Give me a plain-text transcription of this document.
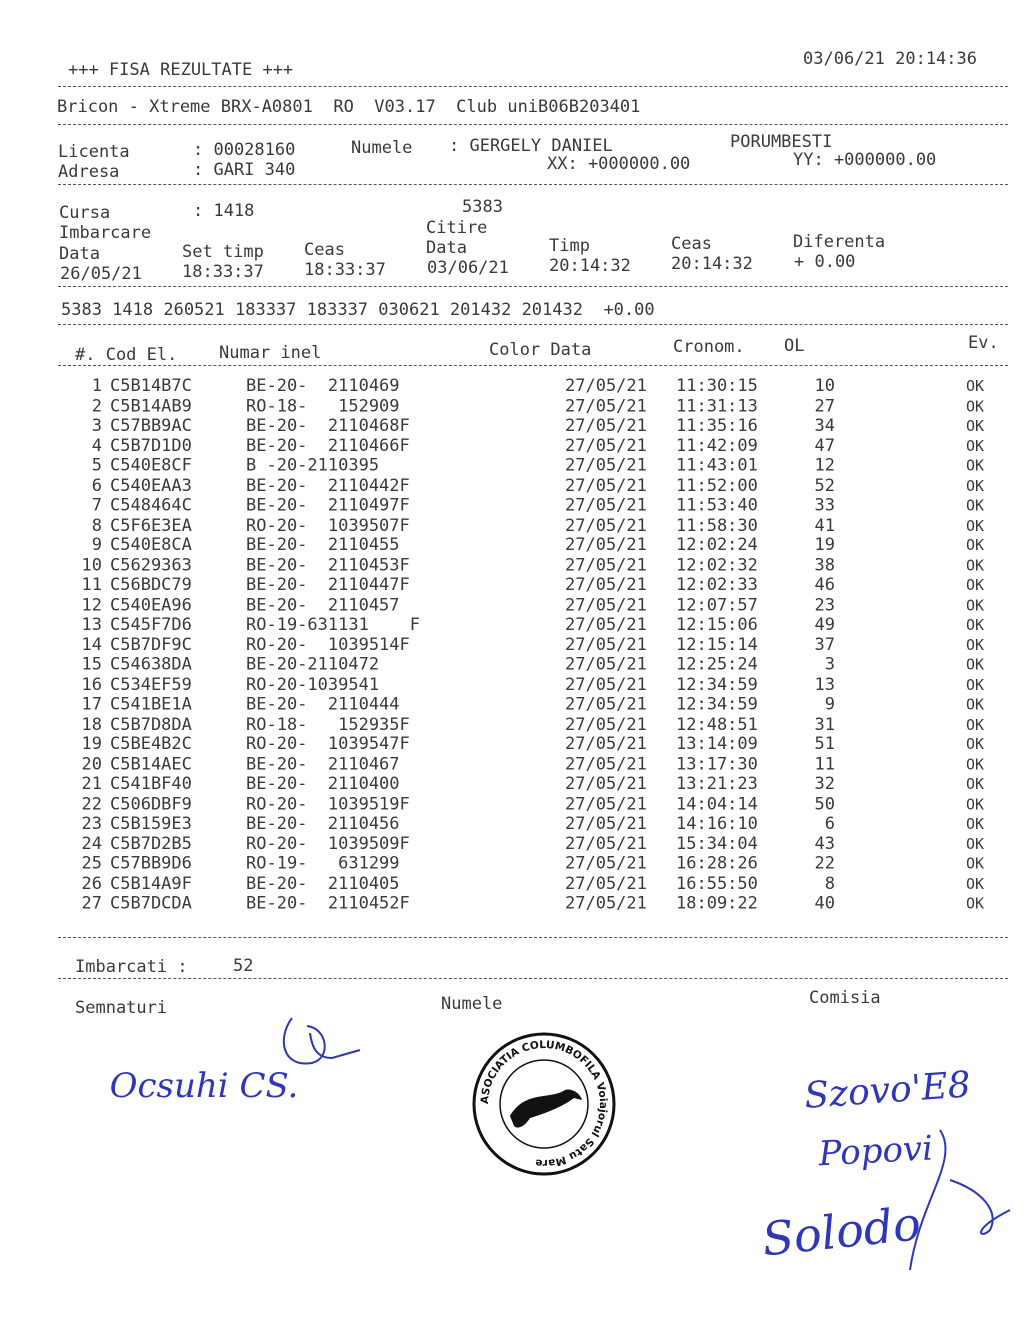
+++ FISA REZULTATE +++
03/06/21 20:14:36
Bricon - Xtreme BRX-A0801  RO  V03.17  Club uniB06B203401
Licenta	: 00028160	Numele : GERGELY DANIEL	PORUMBESTI
Adresa	: GARI 340	XX: +000000.00	YY: +000000.00
Cursa	: 1418	5383
Imbarcare	Citire
Data	Set timp Ceas	Data	Timp	Ceas	Diferenta
26/05/21 18:33:37 18:33:37 03/06/21 20:14:32 20:14:32 + 0.00
5383 1418 260521 183337 183337 030621 201432 201432  +0.00
#. Cod El. Numar inel	Color Data	Cronom. OL	Ev.
1 C5B14B7C	BE-20-  2110469	27/05/21 11:30:15	10	OK
2 C5B14AB9	RO-18-   152909	27/05/21 11:31:13	27	OK
3 C57BB9AC	BE-20-  2110468F	27/05/21 11:35:16	34	OK
4 C5B7D1D0	BE-20-  2110466F	27/05/21 11:42:09	47	OK
5 C540E8CF	B -20-2110395	27/05/21 11:43:01	12	OK
6 C540EAA3	BE-20-  2110442F	27/05/21 11:52:00	52	OK
7 C548464C	BE-20-  2110497F	27/05/21 11:53:40	33	OK
8 C5F6E3EA	RO-20-  1039507F	27/05/21 11:58:30	41	OK
9 C540E8CA	BE-20-  2110455	27/05/21 12:02:24	19	OK
10 C5629363	BE-20-  2110453F	27/05/21 12:02:32	38	OK
11 C56BDC79	BE-20-  2110447F	27/05/21 12:02:33	46	OK
12 C540EA96	BE-20-  2110457	27/05/21 12:07:57	23	OK
13 C545F7D6	RO-19-631131    F	27/05/21 12:15:06	49	OK
14 C5B7DF9C	RO-20-  1039514F	27/05/21 12:15:14	37	OK
15 C54638DA	BE-20-2110472	27/05/21 12:25:24	3	OK
16 C534EF59	RO-20-1039541	27/05/21 12:34:59	13	OK
17 C541BE1A	BE-20-  2110444	27/05/21 12:34:59	9	OK
18 C5B7D8DA	RO-18-   152935F	27/05/21 12:48:51	31	OK
19 C5BE4B2C	RO-20-  1039547F	27/05/21 13:14:09	51	OK
20 C5B14AEC	BE-20-  2110467	27/05/21 13:17:30	11	OK
21 C541BF40	BE-20-  2110400	27/05/21 13:21:23	32	OK
22 C506DBF9	RO-20-  1039519F	27/05/21 14:04:14	50	OK
23 C5B159E3	BE-20-  2110456	27/05/21 14:16:10	6	OK
24 C5B7D2B5	RO-20-  1039509F	27/05/21 15:34:04	43	OK
25 C57BB9D6	RO-19-   631299	27/05/21 16:28:26	22	OK
26 C5B14A9F	BE-20-  2110405	27/05/21 16:55:50	8	OK
27 C5B7DCDA	BE-20-  2110452F	27/05/21 18:09:22	40	OK
Imbarcati :	52
Semnaturi	Numele	Comisia

Ocsuhi CS.	Szovo'E8

Popovi

Solodo

ASOCIATIA COLUMBOFILA Voiajorul Satu Mare
